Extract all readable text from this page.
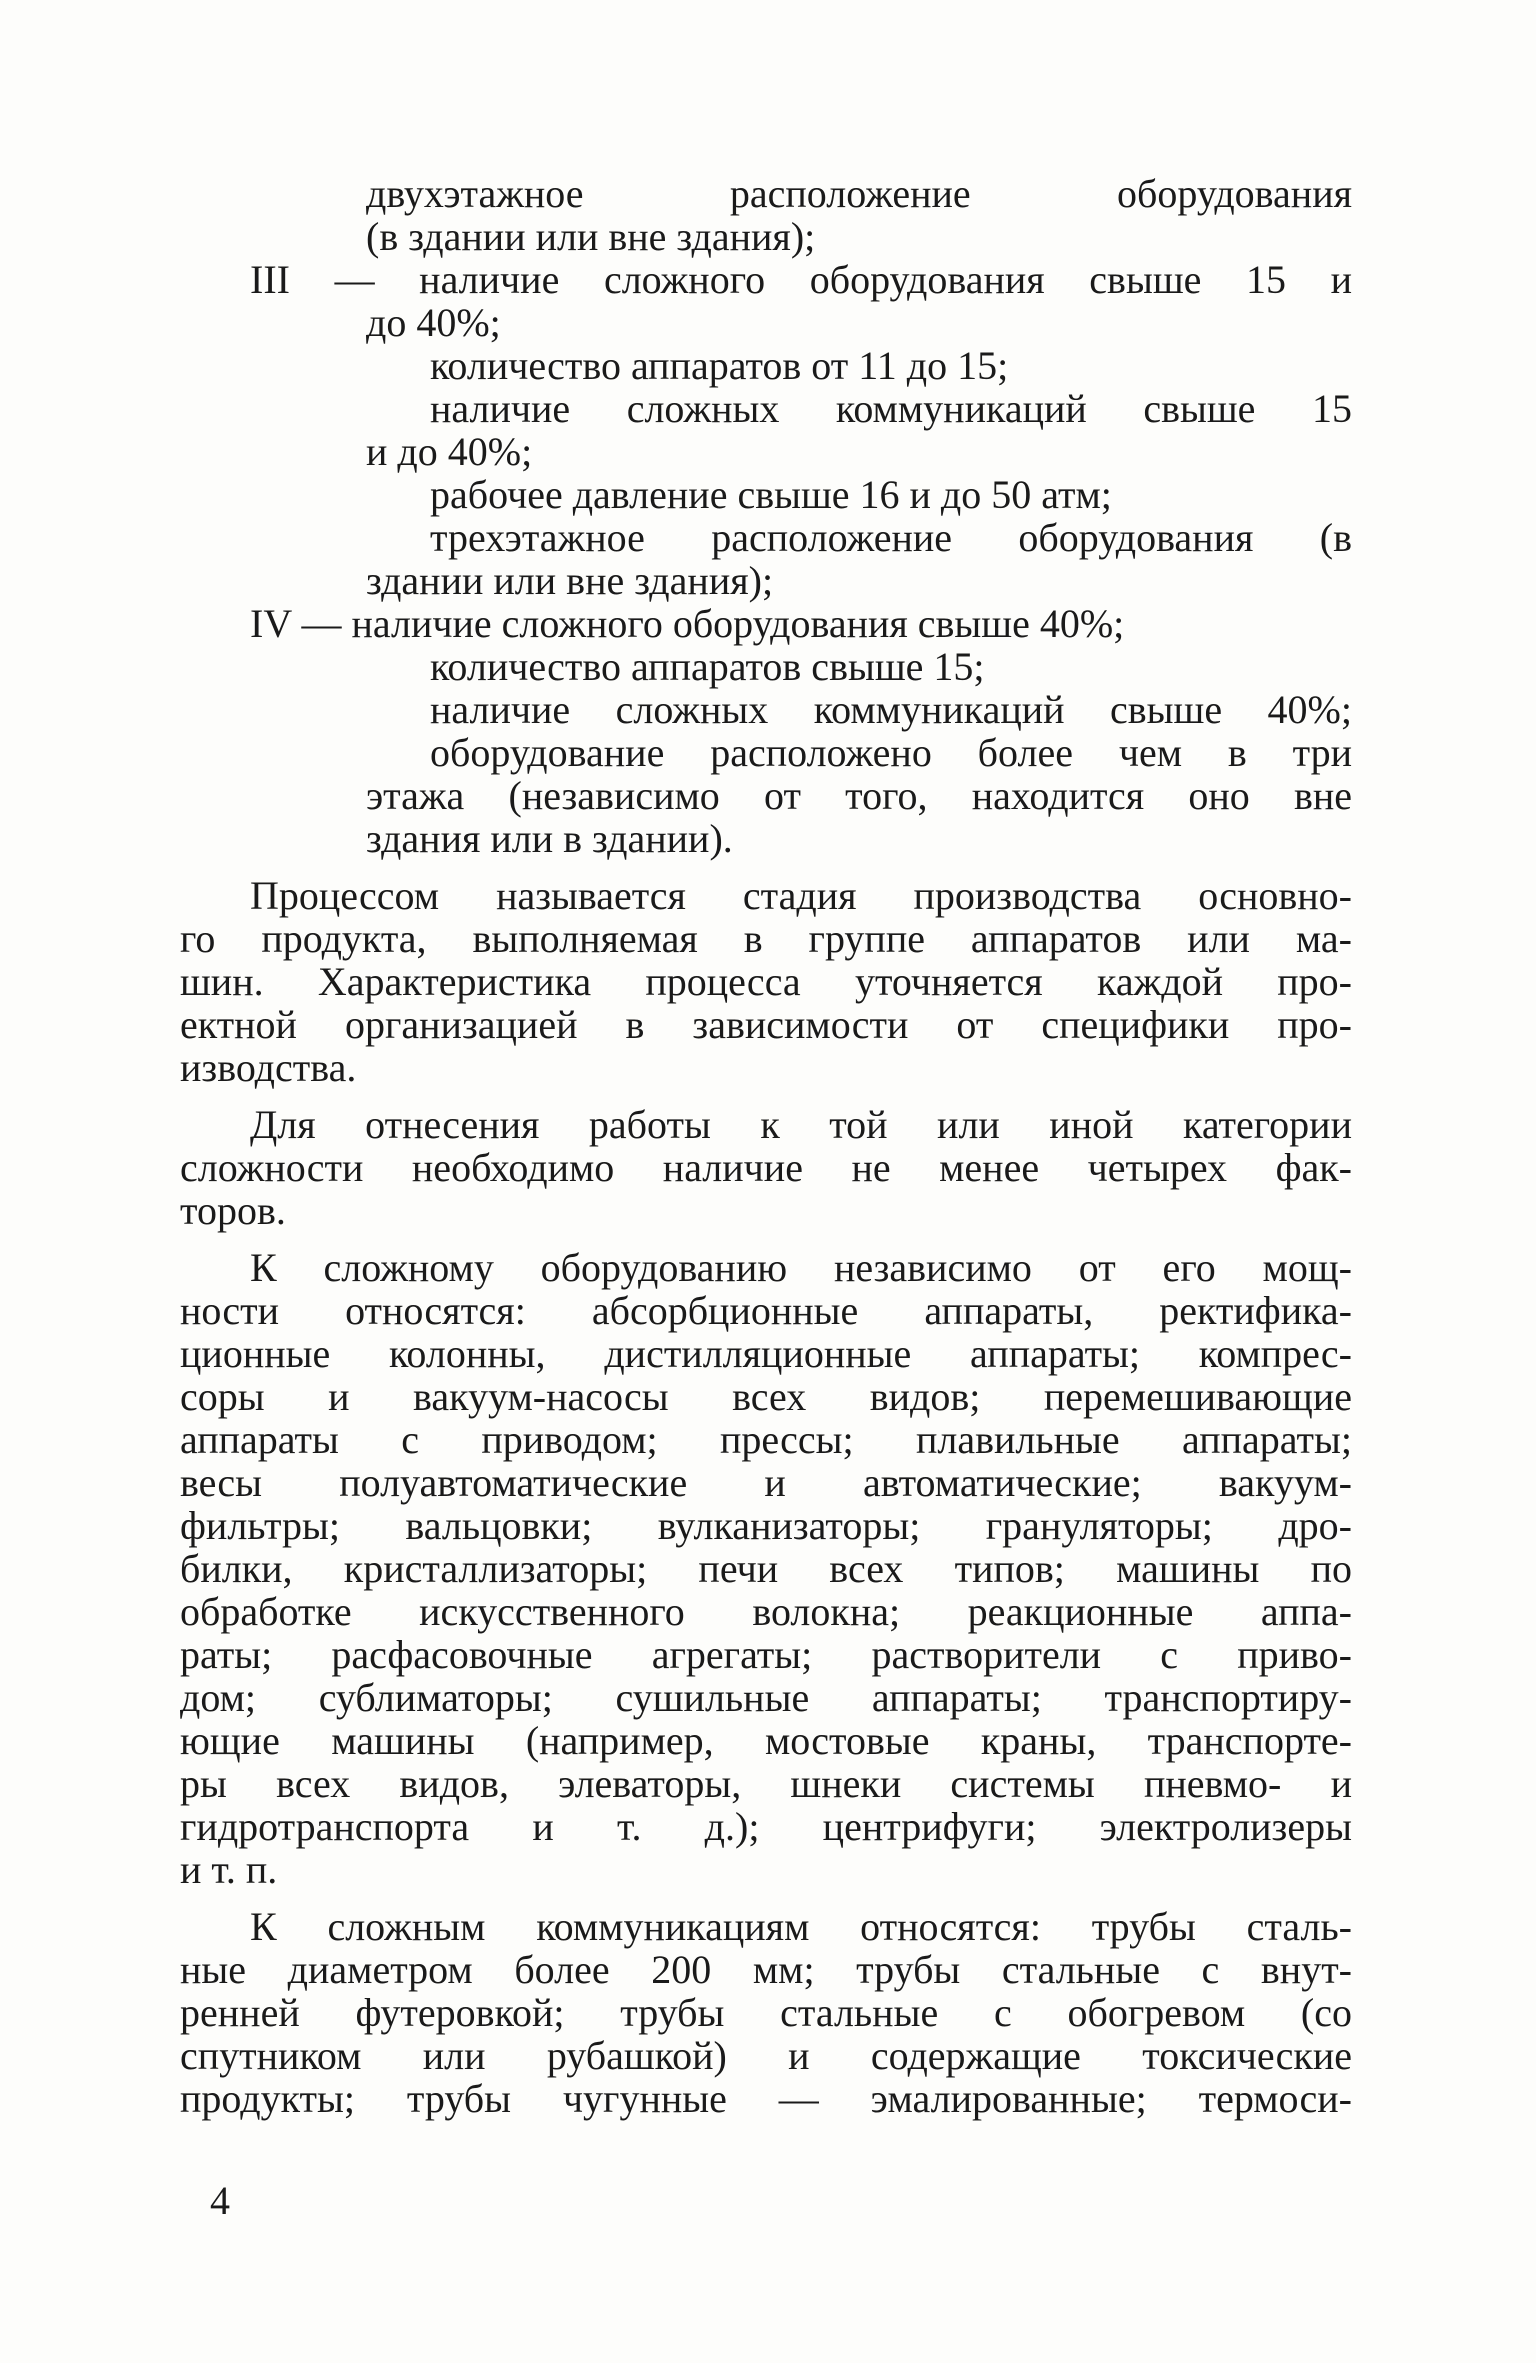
двухэтажное расположение оборудования
(в здании или вне здания);
III — наличие сложного оборудования свыше 15 и
до 40%;
количество аппаратов от 11 до 15;
наличие сложных коммуникаций свыше 15
и до 40%;
рабочее давление свыше 16 и до 50 атм;
трехэтажное расположение оборудования (в
здании или вне здания);
IV — наличие сложного оборудования свыше 40%;
количество аппаратов свыше 15;
наличие сложных коммуникаций свыше 40%;
оборудование расположено более чем в три
этажа (независимо от того, находится оно вне
здания или в здании).
Процессом называется стадия производства основно-
го продукта, выполняемая в группе аппаратов или ма-
шин. Характеристика процесса уточняется каждой про-
ектной организацией в зависимости от специфики про-
изводства.
Для отнесения работы к той или иной категории
сложности необходимо наличие не менее четырех фак-
торов.
К сложному оборудованию независимо от его мощ-
ности относятся: абсорбционные аппараты, ректифика-
ционные колонны, дистилляционные аппараты; компрес-
соры и вакуум-насосы всех видов; перемешивающие
аппараты с приводом; прессы; плавильные аппараты;
весы полуавтоматические и автоматические; вакуум-
фильтры; вальцовки; вулканизаторы; грануляторы; дро-
билки, кристаллизаторы; печи всех типов; машины по
обработке искусственного волокна; реакционные аппа-
раты; расфасовочные агрегаты; растворители с приво-
дом; сублиматоры; сушильные аппараты; транспортиру-
ющие машины (например, мостовые краны, транспорте-
ры всех видов, элеваторы, шнеки системы пневмо- и
гидротранспорта и т. д.); центрифуги; электролизеры
и т. п.
К сложным коммуникациям относятся: трубы сталь-
ные диаметром более 200 мм; трубы стальные с внут-
ренней футеровкой; трубы стальные с обогревом (со
спутником или рубашкой) и содержащие токсические
продукты; трубы чугунные — эмалированные; термоси-
4
